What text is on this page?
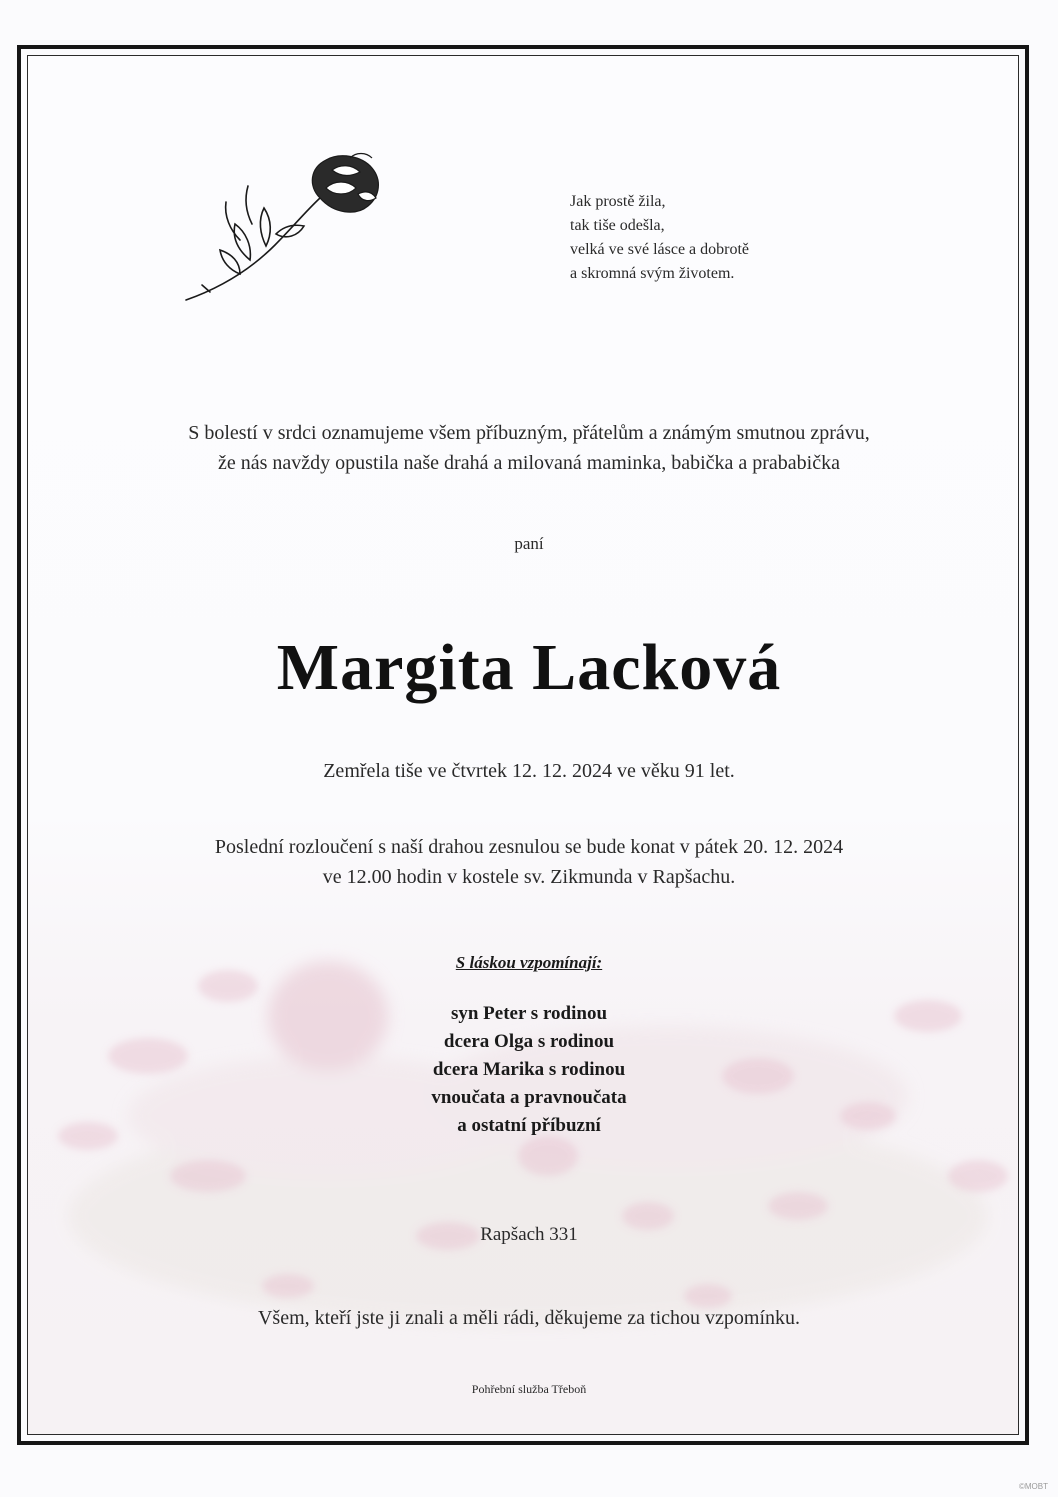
Jak prostě žila,
tak tiše odešla,
velká ve své lásce a dobrotě
a skromná svým životem.
S bolestí v srdci oznamujeme všem příbuzným, přátelům a známým smutnou zprávu,
že nás navždy opustila naše drahá a milovaná maminka, babička a prababička
paní
Margita Lacková
Zemřela tiše ve čtvrtek 12. 12. 2024 ve věku 91 let.
Poslední rozloučení s naší drahou zesnulou se bude konat v pátek 20. 12. 2024
ve 12.00 hodin v kostele sv. Zikmunda v Rapšachu.
S láskou vzpomínají:
syn Peter s rodinou
dcera Olga s rodinou
dcera Marika s rodinou
vnoučata a pravnoučata
a ostatní příbuzní
Rapšach 331
Všem, kteří jste ji znali a měli rádi, děkujeme za tichou vzpomínku.
Pohřební služba Třeboň
©MOBT
